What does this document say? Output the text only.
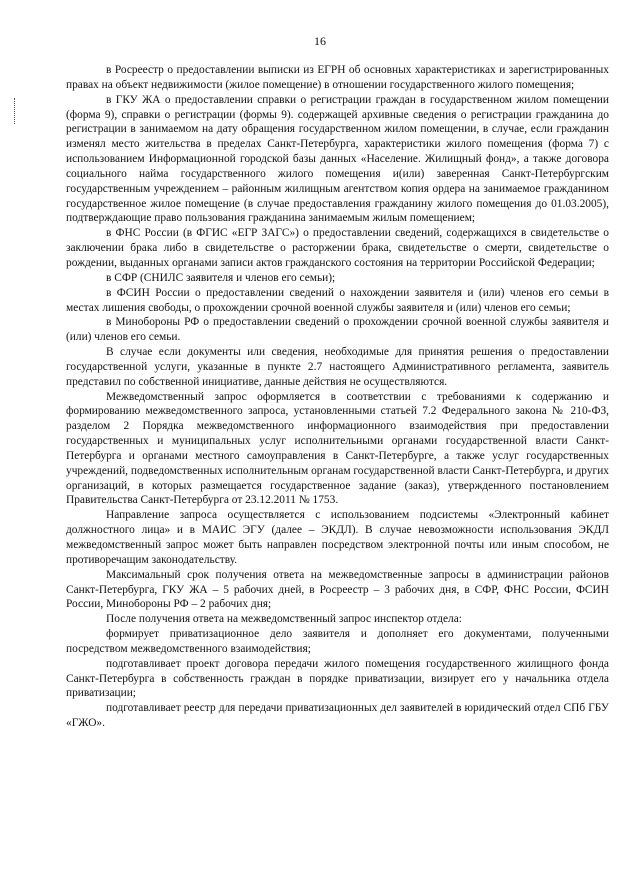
16

в Росреестр о предоставлении выписки из ЕГРН об основных характеристиках и зарегистрированных правах на объект недвижимости (жилое помещение) в отношении государственного жилого помещения;

в ГКУ ЖА о предоставлении справки о регистрации граждан в государственном жилом помещении (форма 9), справки о регистрации (формы 9). содержащей архивные сведения о регистрации гражданина до регистрации в занимаемом на дату обращения государственном жилом помещении, в случае, если гражданин изменял место жительства в пределах Санкт-Петербурга, характеристики жилого помещения (форма 7) с использованием Информационной городской базы данных «Население. Жилищный фонд», а также договора социального найма государственного жилого помещения и(или) заверенная Санкт-Петербургским государственным учреждением – районным жилищным агентством копия ордера на занимаемое гражданином государственное жилое помещение (в случае предоставления гражданину жилого помещения до 01.03.2005), подтверждающие право пользования гражданина занимаемым жилым помещением;

в ФНС России (в ФГИС «ЕГР ЗАГС») о предоставлении сведений, содержащихся в свидетельстве о заключении брака либо в свидетельстве о расторжении брака, свидетельстве о смерти, свидетельстве о рождении, выданных органами записи актов гражданского состояния на территории Российской Федерации;

в СФР (СНИЛС заявителя и членов его семьи);

в ФСИН России о предоставлении сведений о нахождении заявителя и (или) членов его семьи в местах лишения свободы, о прохождении срочной военной службы заявителя и (или) членов его семьи;

в Минобороны РФ о предоставлении сведений о прохождении срочной военной службы заявителя и (или) членов его семьи.

В случае если документы или сведения, необходимые для принятия решения о предоставлении государственной услуги, указанные в пункте 2.7 настоящего Административного регламента, заявитель представил по собственной инициативе, данные действия не осуществляются.

Межведомственный запрос оформляется в соответствии с требованиями к содержанию и формированию межведомственного запроса, установленными статьей 7.2 Федерального закона № 210-ФЗ, разделом 2 Порядка межведомственного информационного взаимодействия при предоставлении государственных и муниципальных услуг исполнительными органами государственной власти Санкт-Петербурга и органами местного самоуправления в Санкт-Петербурге, а также услуг государственных учреждений, подведомственных исполнительным органам государственной власти Санкт-Петербурга, и других организаций, в которых размещается государственное задание (заказ), утвержденного постановлением Правительства Санкт-Петербурга от 23.12.2011 № 1753.

Направление запроса осуществляется с использованием подсистемы «Электронный кабинет должностного лица» и в МАИС ЭГУ (далее – ЭКДЛ). В случае невозможности использования ЭКДЛ межведомственный запрос может быть направлен посредством электронной почты или иным способом, не противоречащим законодательству.

Максимальный срок получения ответа на межведомственные запросы в администрации районов Санкт-Петербурга, ГКУ ЖА – 5 рабочих дней, в Росреестр – 3 рабочих дня, в СФР, ФНС России, ФСИН России, Минобороны РФ – 2 рабочих дня;

После получения ответа на межведомственный запрос инспектор отдела:

формирует приватизационное дело заявителя и дополняет его документами, полученными посредством межведомственного взаимодействия;

подготавливает проект договора передачи жилого помещения государственного жилищного фонда Санкт-Петербурга в собственность граждан в порядке приватизации, визирует его у начальника отдела приватизации;

подготавливает реестр для передачи приватизационных дел заявителей в юридический отдел СПб ГБУ «ГЖО».
